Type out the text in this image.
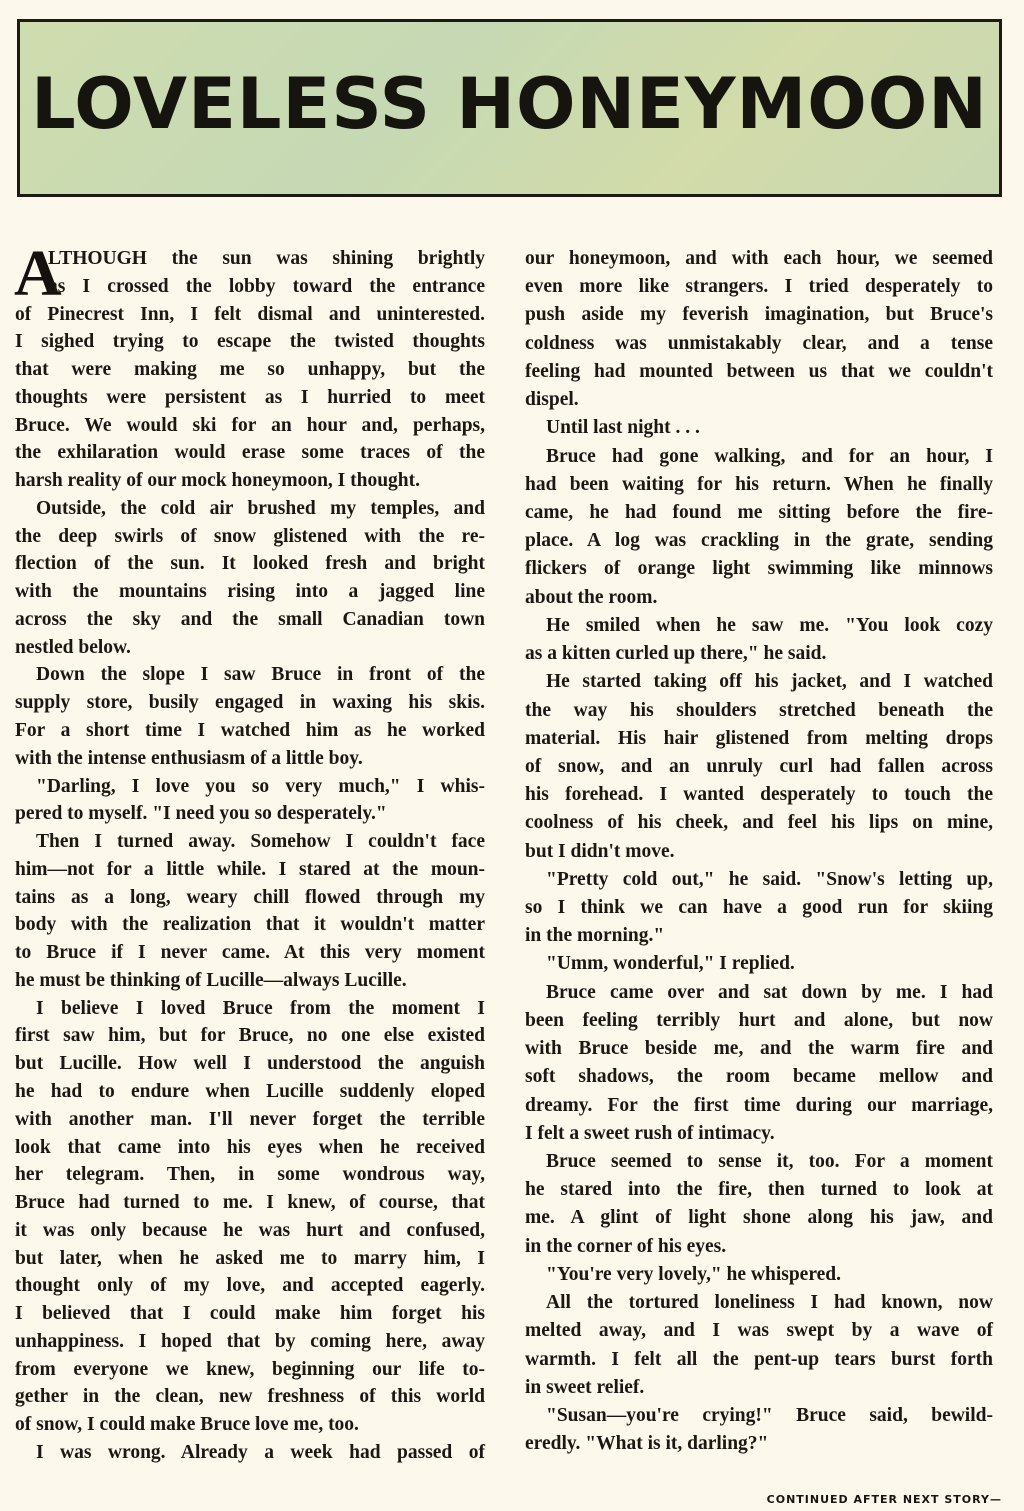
LOVELESS HONEYMOON
A
LTHOUGH the sun was shining brightly
as I crossed the lobby toward the entrance
of Pinecrest Inn, I felt dismal and uninterested.
I sighed trying to escape the twisted thoughts
that were making me so unhappy, but the
thoughts were persistent as I hurried to meet
Bruce. We would ski for an hour and, perhaps,
the exhilaration would erase some traces of the
harsh reality of our mock honeymoon, I thought.
Outside, the cold air brushed my temples, and
the deep swirls of snow glistened with the re-
flection of the sun. It looked fresh and bright
with the mountains rising into a jagged line
across the sky and the small Canadian town
nestled below.
Down the slope I saw Bruce in front of the
supply store, busily engaged in waxing his skis.
For a short time I watched him as he worked
with the intense enthusiasm of a little boy.
"Darling, I love you so very much," I whis-
pered to myself. "I need you so desperately."
Then I turned away. Somehow I couldn't face
him—not for a little while. I stared at the moun-
tains as a long, weary chill flowed through my
body with the realization that it wouldn't matter
to Bruce if I never came. At this very moment
he must be thinking of Lucille—always Lucille.
I believe I loved Bruce from the moment I
first saw him, but for Bruce, no one else existed
but Lucille. How well I understood the anguish
he had to endure when Lucille suddenly eloped
with another man. I'll never forget the terrible
look that came into his eyes when he received
her telegram. Then, in some wondrous way,
Bruce had turned to me. I knew, of course, that
it was only because he was hurt and confused,
but later, when he asked me to marry him, I
thought only of my love, and accepted eagerly.
I believed that I could make him forget his
unhappiness. I hoped that by coming here, away
from everyone we knew, beginning our life to-
gether in the clean, new freshness of this world
of snow, I could make Bruce love me, too.
I was wrong. Already a week had passed of
our honeymoon, and with each hour, we seemed
even more like strangers. I tried desperately to
push aside my feverish imagination, but Bruce's
coldness was unmistakably clear, and a tense
feeling had mounted between us that we couldn't
dispel.
Until last night . . .
Bruce had gone walking, and for an hour, I
had been waiting for his return. When he finally
came, he had found me sitting before the fire-
place. A log was crackling in the grate, sending
flickers of orange light swimming like minnows
about the room.
He smiled when he saw me. "You look cozy
as a kitten curled up there," he said.
He started taking off his jacket, and I watched
the way his shoulders stretched beneath the
material. His hair glistened from melting drops
of snow, and an unruly curl had fallen across
his forehead. I wanted desperately to touch the
coolness of his cheek, and feel his lips on mine,
but I didn't move.
"Pretty cold out," he said. "Snow's letting up,
so I think we can have a good run for skiing
in the morning."
"Umm, wonderful," I replied.
Bruce came over and sat down by me. I had
been feeling terribly hurt and alone, but now
with Bruce beside me, and the warm fire and
soft shadows, the room became mellow and
dreamy. For the first time during our marriage,
I felt a sweet rush of intimacy.
Bruce seemed to sense it, too. For a moment
he stared into the fire, then turned to look at
me. A glint of light shone along his jaw, and
in the corner of his eyes.
"You're very lovely," he whispered.
All the tortured loneliness I had known, now
melted away, and I was swept by a wave of
warmth. I felt all the pent-up tears burst forth
in sweet relief.
"Susan—you're crying!" Bruce said, bewild-
eredly. "What is it, darling?"
CONTINUED AFTER NEXT STORY—
